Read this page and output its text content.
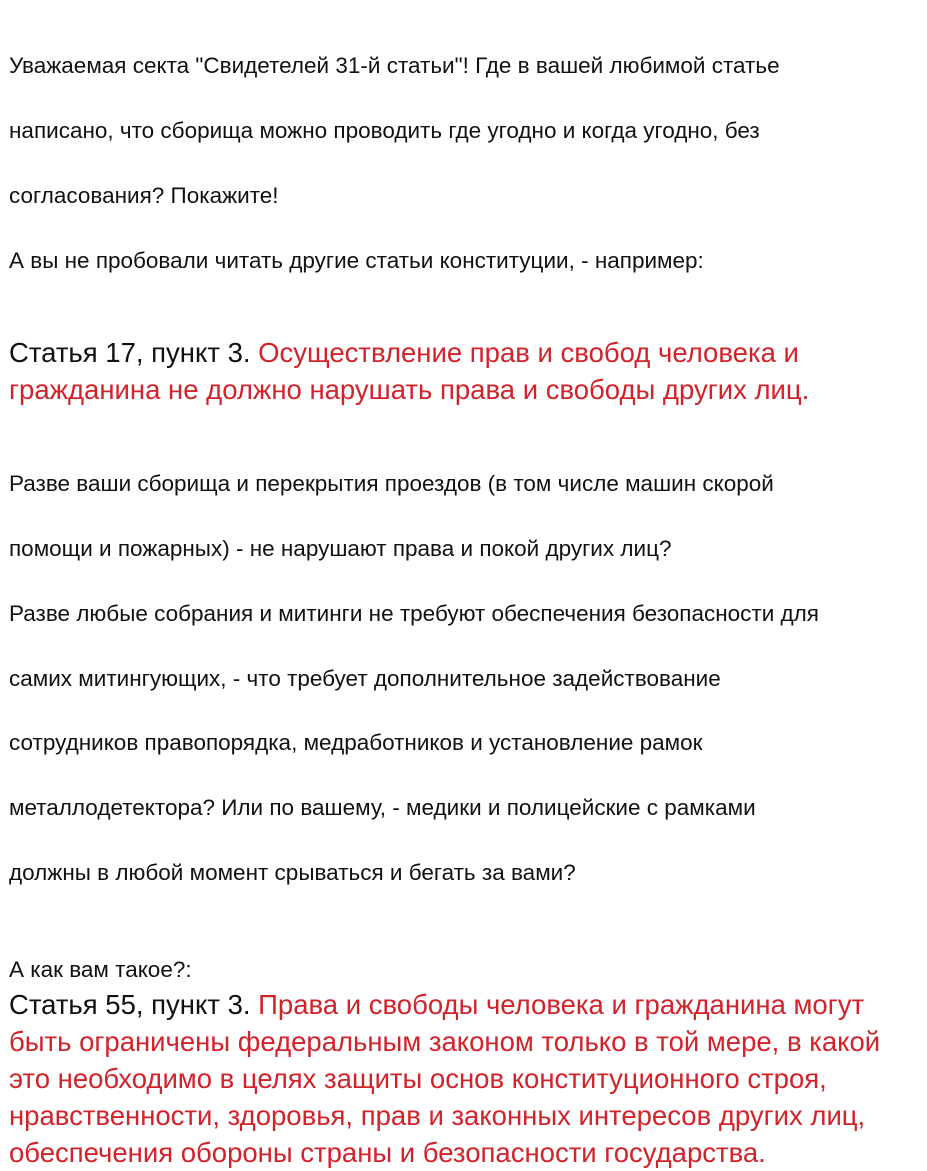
Уважаемая секта "Свидетелей 31-й статьи"! Где в вашей любимой статье

написано, что сборища можно проводить где угодно и когда угодно, без

согласования? Покажите!

А вы не пробовали читать другие статьи конституции, - например:

Статья 17, пункт 3. Осуществление прав и свобод человека и гражданина не должно нарушать права и свободы других лиц.

Разве ваши сборища и перекрытия проездов (в том числе машин скорой

помощи и пожарных) - не нарушают права и покой других лиц?

Разве любые собрания и митинги не требуют обеспечения безопасности для

самих митингующих, - что требует дополнительное задействование

сотрудников правопорядка, медработников и установление рамок

металлодетектора? Или по вашему, - медики и полицейские с рамками

должны в любой момент срываться и бегать за вами?

А как вам такое?:

Статья 55, пункт 3. Права и свободы человека и гражданина могут быть ограничены федеральным законом только в той мере, в какой это необходимо в целях защиты основ конституционного строя, нравственности, здоровья, прав и законных интересов других лиц, обеспечения обороны страны и безопасности государства.
